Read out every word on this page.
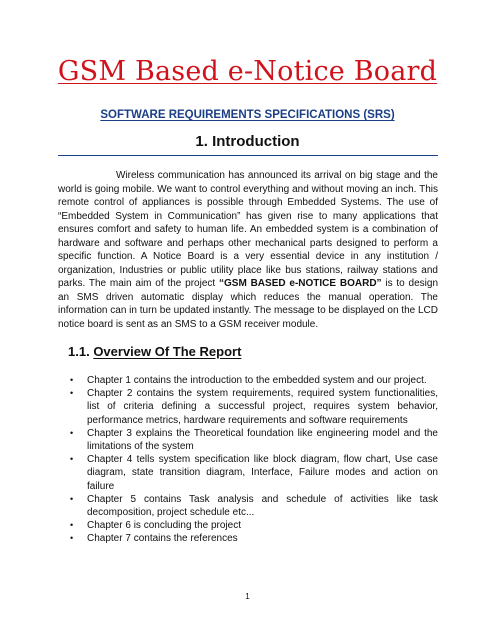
GSM Based e-Notice Board
SOFTWARE REQUIREMENTS SPECIFICATIONS (SRS)
1. Introduction

Wireless communication has announced its arrival on big stage and the world is going mobile. We want to control everything and without moving an inch. This remote control of appliances is possible through Embedded Systems. The use of “Embedded System in Communication” has given rise to many applications that ensures comfort and safety to human life. An embedded system is a combination of hardware and software and perhaps other mechanical parts designed to perform a specific function. A Notice Board is a very essential device in any institution / organization, Industries or public utility place like bus stations, railway stations and parks. The main aim of the project “GSM BASED e-NOTICE BOARD” is to design an SMS driven automatic display which reduces the manual operation. The information can in turn be updated instantly. The message to be displayed on the LCD notice board is sent as an SMS to a GSM receiver module.

1.1. Overview Of The Report
• Chapter 1 contains the introduction to the embedded system and our project.
• Chapter 2 contains the system requirements, required system functionalities, list of criteria defining a successful project, requires system behavior, performance metrics, hardware requirements and software requirements
• Chapter 3 explains the Theoretical foundation like engineering model and the limitations of the system
• Chapter 4 tells system specification like block diagram, flow chart, Use case diagram, state transition diagram, Interface, Failure modes and action on failure
• Chapter 5 contains Task analysis and schedule of activities like task decomposition, project schedule etc...
• Chapter 6 is concluding the project
• Chapter 7 contains the references
1
